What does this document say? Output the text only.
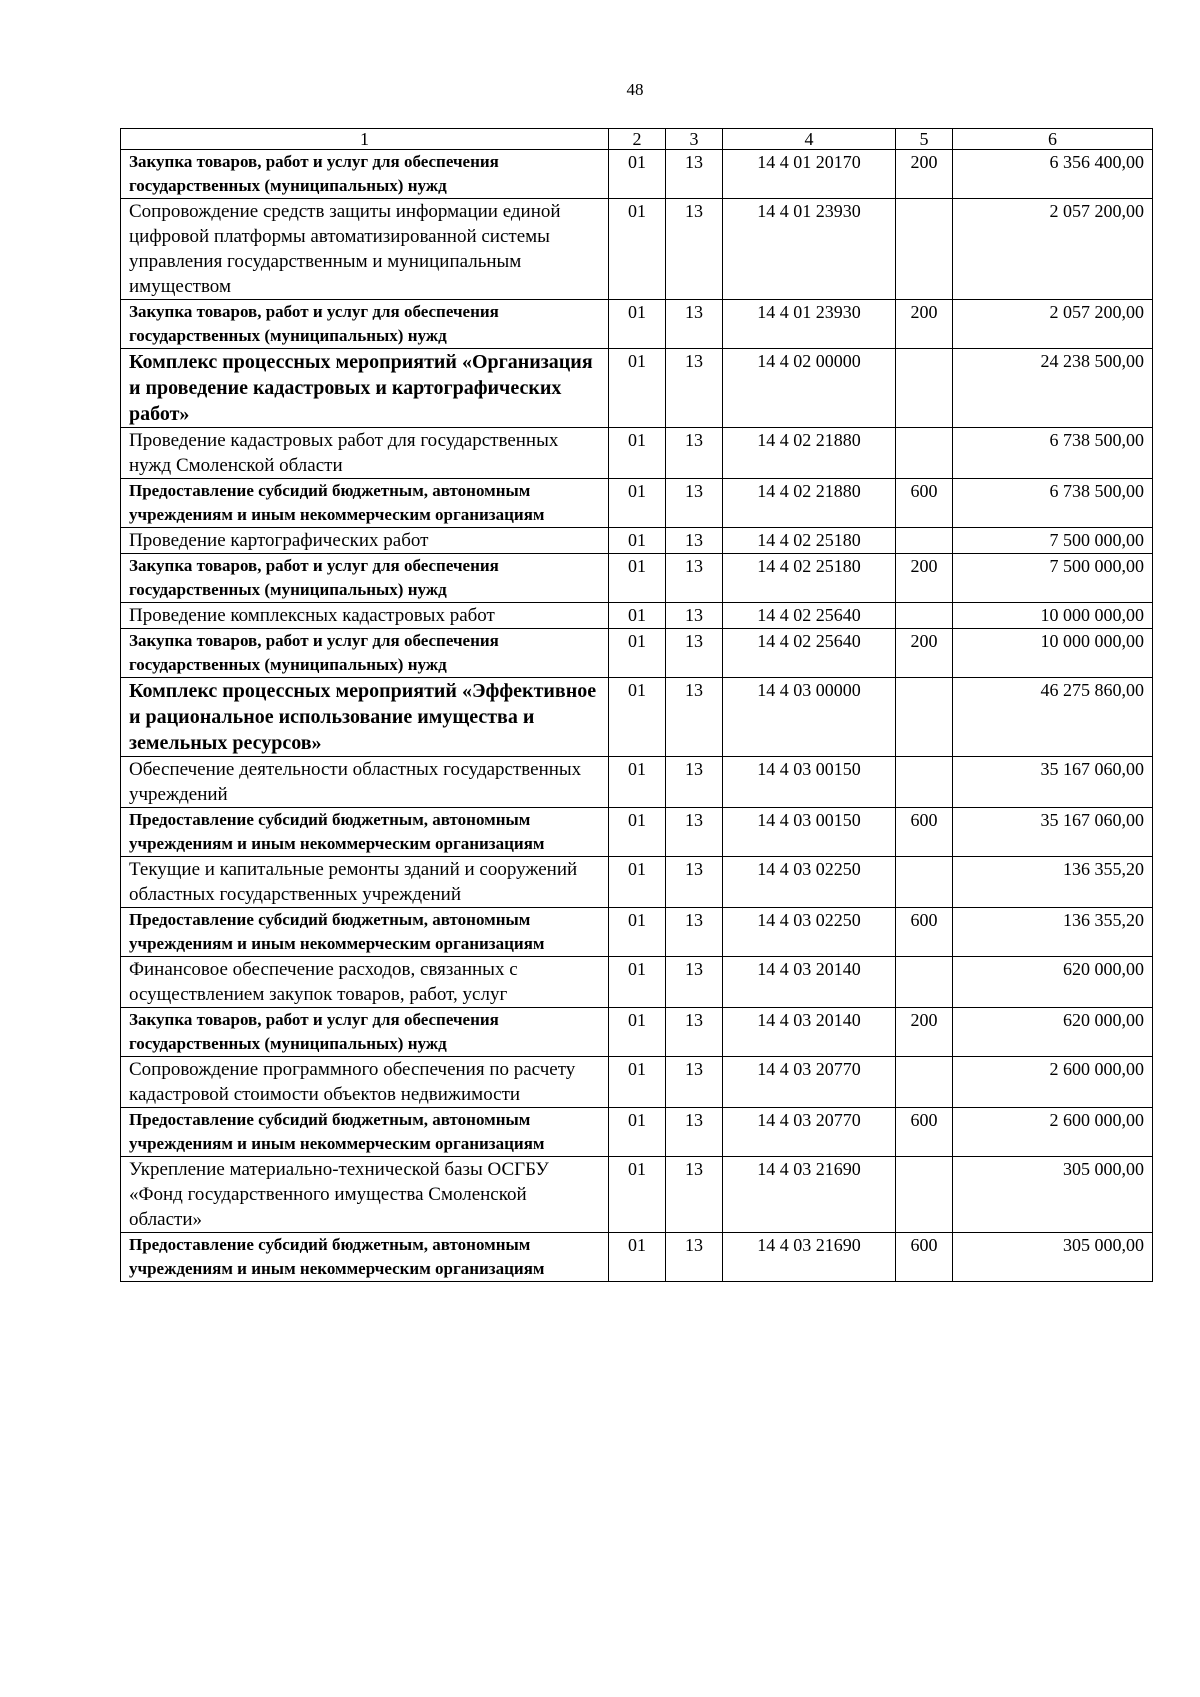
48
1	2	3	4	5	6
Закупка товаров, работ и услуг для обеспечения государственных (муниципальных) нужд	01	13	14 4 01 20170	200	6 356 400,00
Сопровождение средств защиты информации единой цифровой платформы автоматизированной системы управления государственным и муниципальным имуществом	01	13	14 4 01 23930		2 057 200,00
Закупка товаров, работ и услуг для обеспечения государственных (муниципальных) нужд	01	13	14 4 01 23930	200	2 057 200,00
Комплекс процессных мероприятий «Организация и проведение кадастровых и картографических работ»	01	13	14 4 02 00000		24 238 500,00
Проведение кадастровых работ для государственных нужд Смоленской области	01	13	14 4 02 21880		6 738 500,00
Предоставление субсидий бюджетным, автономным учреждениям и иным некоммерческим организациям	01	13	14 4 02 21880	600	6 738 500,00
Проведение картографических работ	01	13	14 4 02 25180		7 500 000,00
Закупка товаров, работ и услуг для обеспечения государственных (муниципальных) нужд	01	13	14 4 02 25180	200	7 500 000,00
Проведение комплексных кадастровых работ	01	13	14 4 02 25640		10 000 000,00
Закупка товаров, работ и услуг для обеспечения государственных (муниципальных) нужд	01	13	14 4 02 25640	200	10 000 000,00
Комплекс процессных мероприятий «Эффективное и рациональное использование имущества и земельных ресурсов»	01	13	14 4 03 00000		46 275 860,00
Обеспечение деятельности областных государственных учреждений	01	13	14 4 03 00150		35 167 060,00
Предоставление субсидий бюджетным, автономным учреждениям и иным некоммерческим организациям	01	13	14 4 03 00150	600	35 167 060,00
Текущие и капитальные ремонты зданий и сооружений областных государственных учреждений	01	13	14 4 03 02250		136 355,20
Предоставление субсидий бюджетным, автономным учреждениям и иным некоммерческим организациям	01	13	14 4 03 02250	600	136 355,20
Финансовое обеспечение расходов, связанных с осуществлением закупок товаров, работ, услуг	01	13	14 4 03 20140		620 000,00
Закупка товаров, работ и услуг для обеспечения государственных (муниципальных) нужд	01	13	14 4 03 20140	200	620 000,00
Сопровождение программного обеспечения по расчету кадастровой стоимости объектов недвижимости	01	13	14 4 03 20770		2 600 000,00
Предоставление субсидий бюджетным, автономным учреждениям и иным некоммерческим организациям	01	13	14 4 03 20770	600	2 600 000,00
Укрепление материально-технической базы ОСГБУ «Фонд государственного имущества Смоленской области»	01	13	14 4 03 21690		305 000,00
Предоставление субсидий бюджетным, автономным учреждениям и иным некоммерческим организациям	01	13	14 4 03 21690	600	305 000,00
